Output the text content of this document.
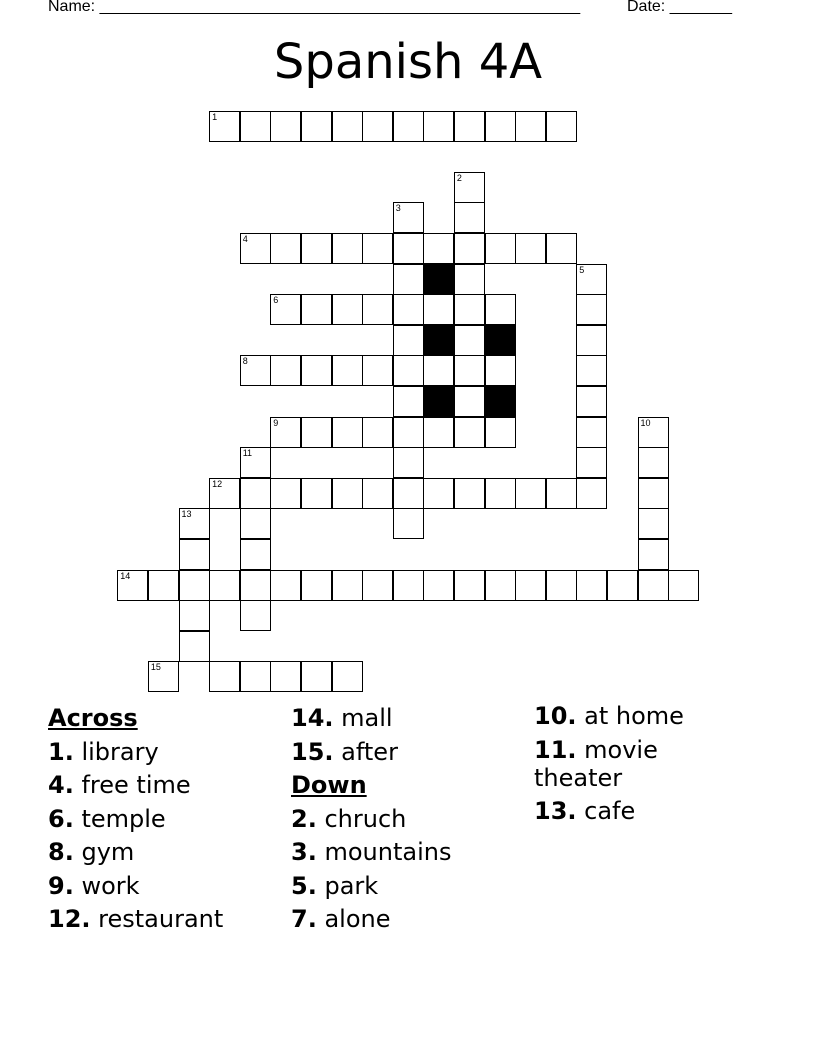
Name: ______________________________________________________	Date: _______
Spanish 4A
1
2
3
4
5
6
8
9	10
11
12
13
14
15
Across
1. library
4. free time
6. temple
8. gym
9. work
12. restaurant
14. mall
15. after
Down
2. chruch
3. mountains
5. park
7. alone
10. at home
11. movie theater
13. cafe
